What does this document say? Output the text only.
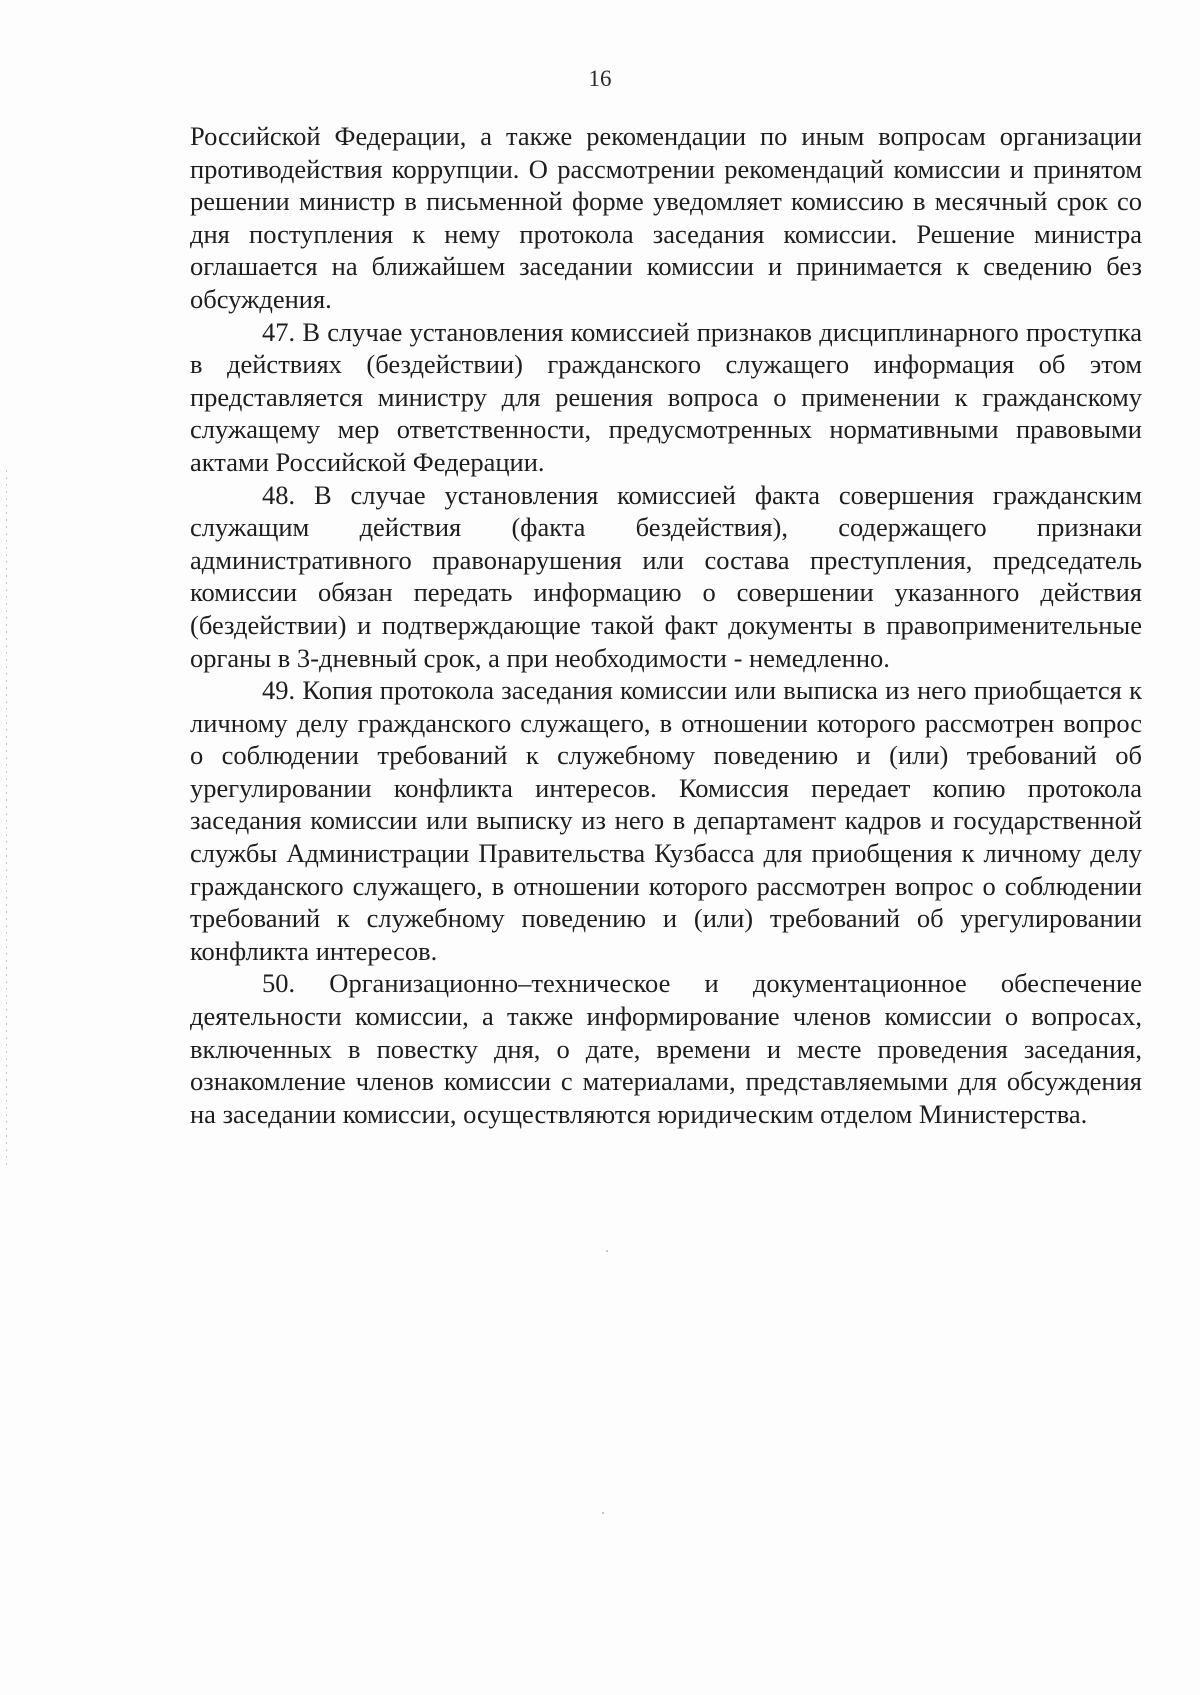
16

Российской Федерации, а также рекомендации по иным вопросам организации противодействия коррупции. О рассмотрении рекомендаций комиссии и принятом решении министр в письменной форме уведомляет комиссию в месячный срок со дня поступления к нему протокола заседания комиссии. Решение министра оглашается на ближайшем заседании комиссии и принимается к сведению без обсуждения.

47. В случае установления комиссией признаков дисциплинарного проступка в действиях (бездействии) гражданского служащего информация об этом представляется министру для решения вопроса о применении к гражданскому служащему мер ответственности, предусмотренных нормативными правовыми актами Российской Федерации.

48. В случае установления комиссией факта совершения гражданским служащим действия (факта бездействия), содержащего признаки административного правонарушения или состава преступления, председатель комиссии обязан передать информацию о совершении указанного действия (бездействии) и подтверждающие такой факт документы в правоприменительные органы в 3-дневный срок, а при необходимости - немедленно.

49. Копия протокола заседания комиссии или выписка из него приобщается к личному делу гражданского служащего, в отношении которого рассмотрен вопрос о соблюдении требований к служебному поведению и (или) требований об урегулировании конфликта интересов. Комиссия передает копию протокола заседания комиссии или выписку из него в департамент кадров и государственной службы Администрации Правительства Кузбасса для приобщения к личному делу гражданского служащего, в отношении которого рассмотрен вопрос о соблюдении требований к служебному поведению и (или) требований об урегулировании конфликта интересов.

50. Организационно–техническое и документационное обеспечение деятельности комиссии, а также информирование членов комиссии о вопросах, включенных в повестку дня, о дате, времени и месте проведения заседания, ознакомление членов комиссии с материалами, представляемыми для обсуждения на заседании комиссии, осуществляются юридическим отделом Министерства.
